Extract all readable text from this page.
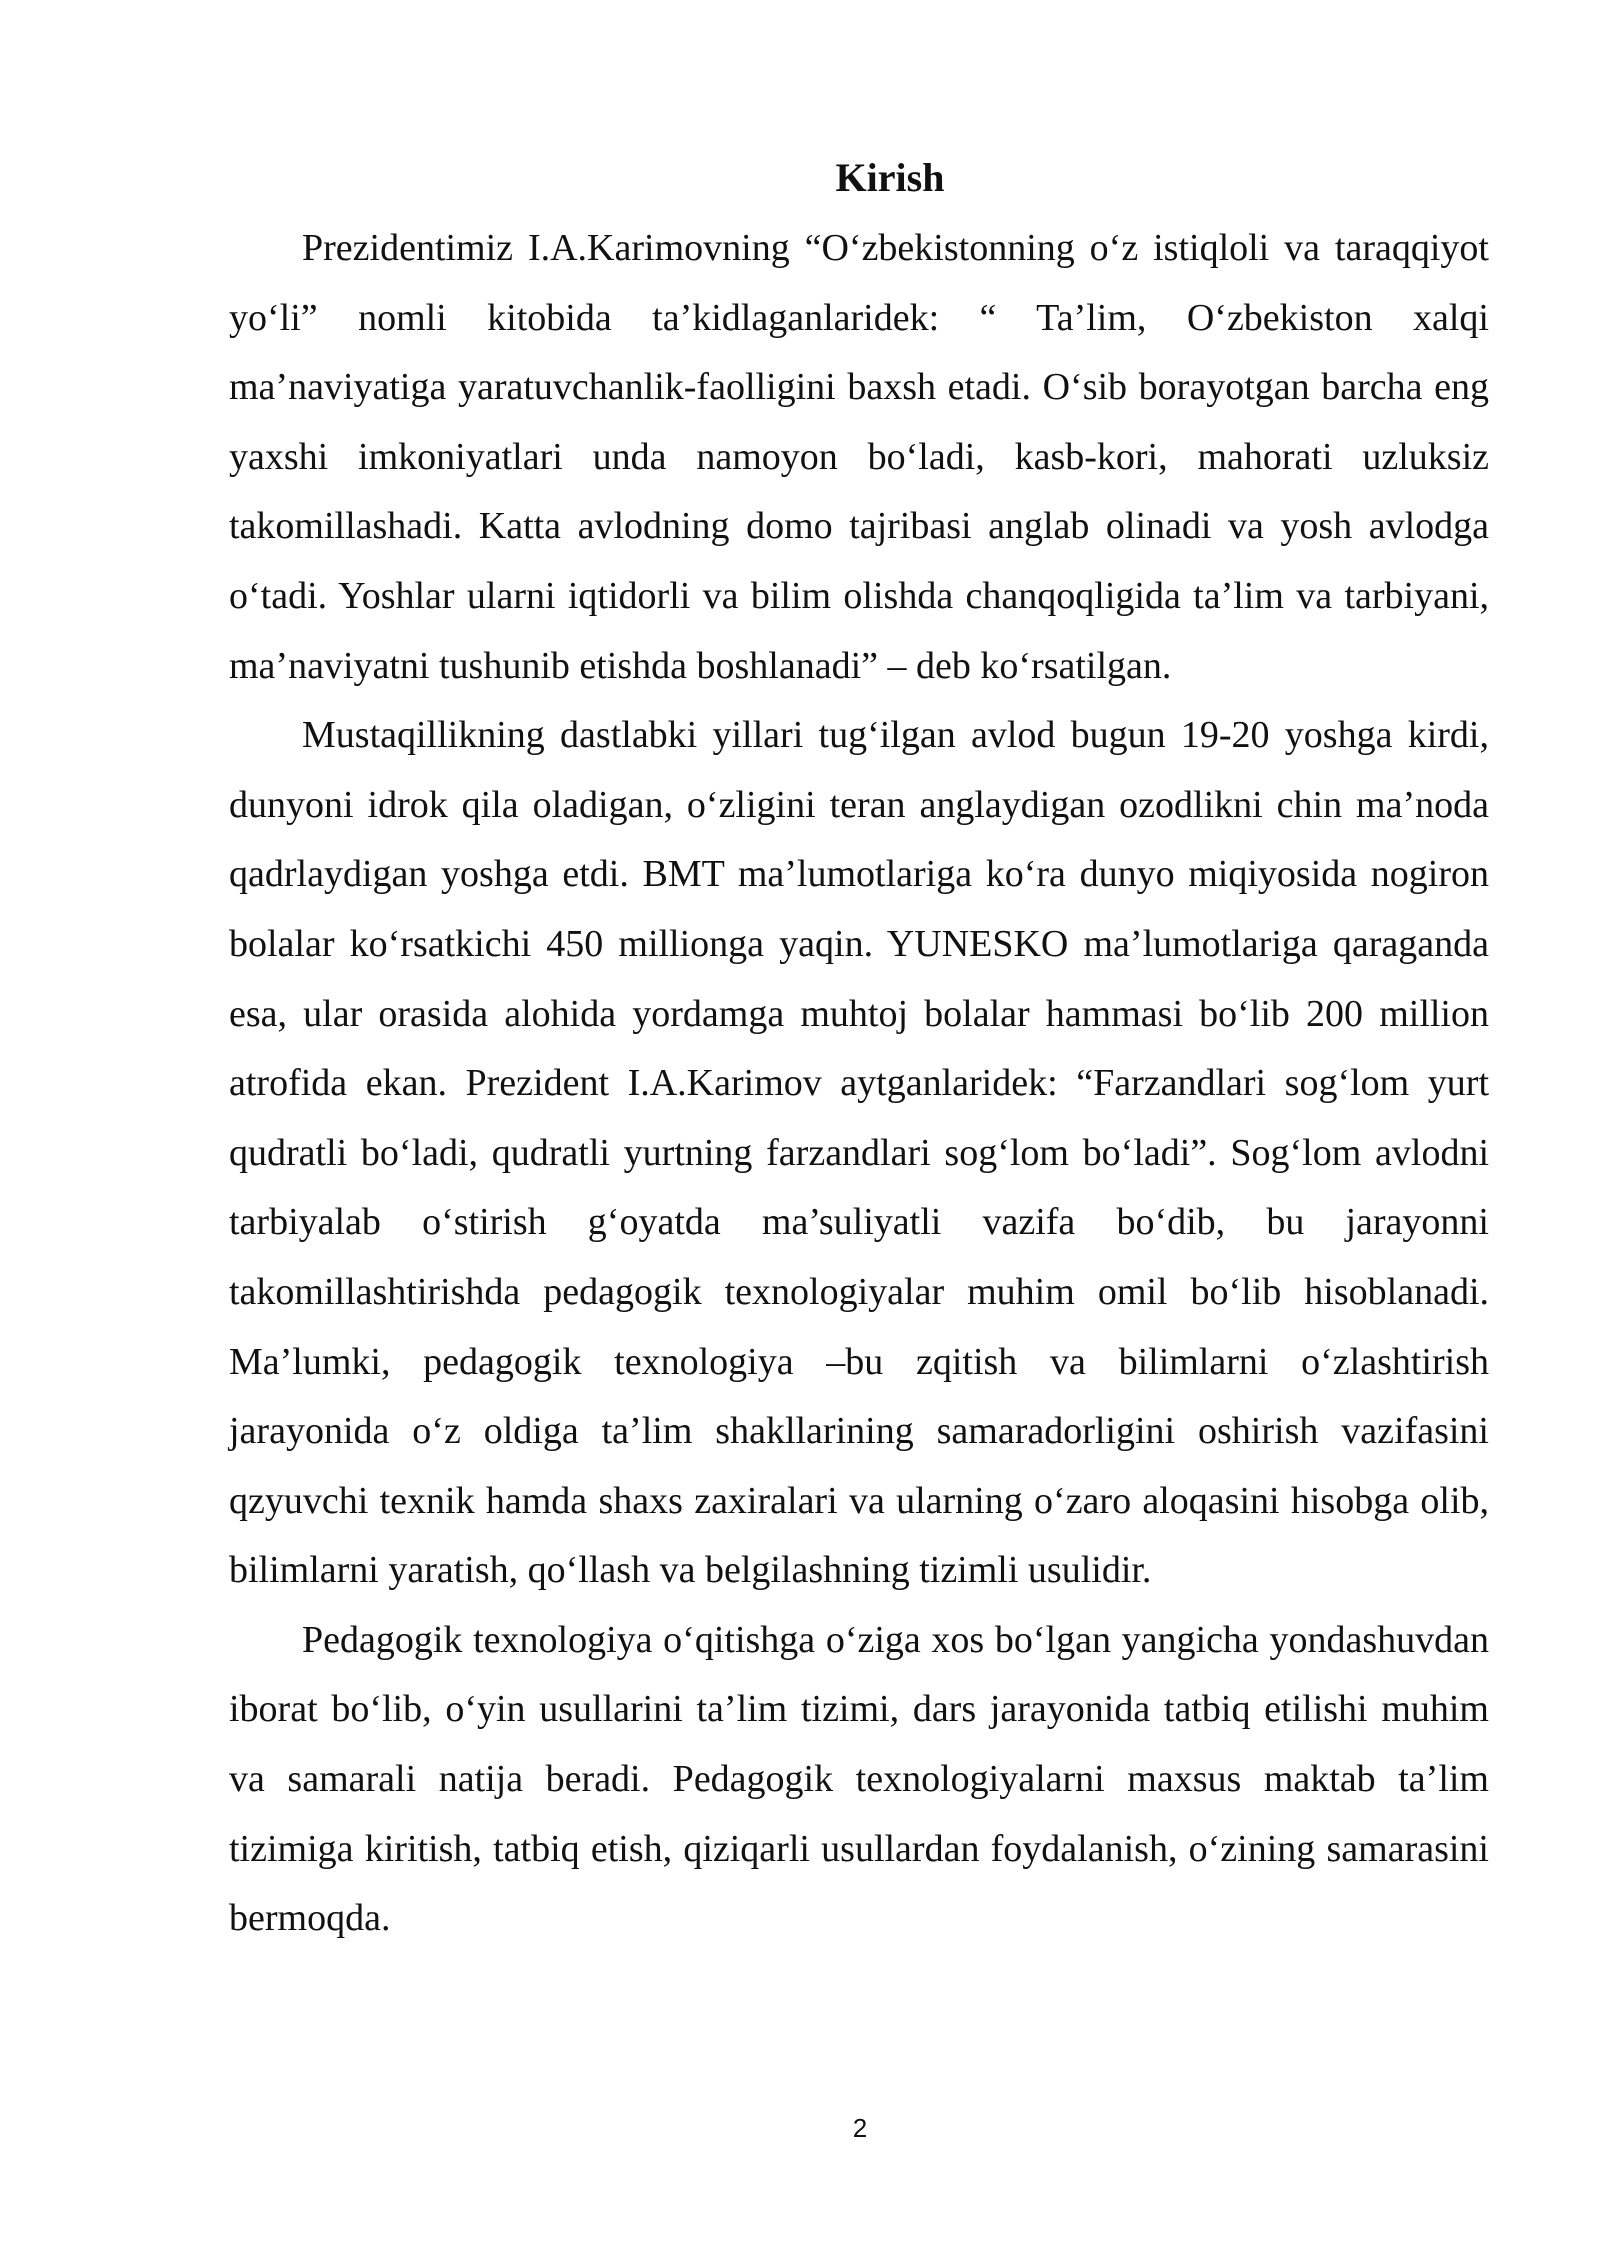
Kirish

Prezidentimiz I.A.Karimovning “O‘zbekistonning o‘z istiqloli va taraqqiyot yo‘li” nomli kitobida ta’kidlaganlaridek: “ Ta’lim, O‘zbekiston xalqi ma’naviyatiga yaratuvchanlik-faolligini baxsh etadi. O‘sib borayotgan barcha eng yaxshi imkoniyatlari unda namoyon bo‘ladi, kasb-kori, mahorati uzluksiz takomillashadi. Katta avlodning domo tajribasi anglab olinadi va yosh avlodga o‘tadi. Yoshlar ularni iqtidorli va bilim olishda chanqoqligida ta’lim va tarbiyani, ma’naviyatni tushunib etishda boshlanadi” – deb ko‘rsatilgan.

Mustaqillikning dastlabki yillari tug‘ilgan avlod bugun 19-20 yoshga kirdi, dunyoni idrok qila oladigan, o‘zligini teran anglaydigan ozodlikni chin ma’noda qadrlaydigan yoshga etdi. BMT ma’lumotlariga ko‘ra dunyo miqiyosida nogiron bolalar ko‘rsatkichi 450 millionga yaqin. YUNESKO ma’lumotlariga qaraganda esa, ular orasida alohida yordamga muhtoj bolalar hammasi bo‘lib 200 million atrofida ekan. Prezident I.A.Karimov aytganlaridek: “Farzandlari sog‘lom yurt qudratli bo‘ladi, qudratli yurtning farzandlari sog‘lom bo‘ladi”. Sog‘lom avlodni tarbiyalab o‘stirish g‘oyatda ma’suliyatli vazifa bo‘dib, bu jarayonni takomillashtirishda pedagogik texnologiyalar muhim omil bo‘lib hisoblanadi. Ma’lumki, pedagogik texnologiya –bu zqitish va bilimlarni o‘zlashtirish jarayonida o‘z oldiga ta’lim shakllarining samaradorligini oshirish vazifasini qzyuvchi texnik hamda shaxs zaxiralari va ularning o‘zaro aloqasini hisobga olib, bilimlarni yaratish, qo‘llash va belgilashning tizimli usulidir.

Pedagogik texnologiya o‘qitishga o‘ziga xos bo‘lgan yangicha yondashuvdan iborat bo‘lib, o‘yin usullarini ta’lim tizimi, dars jarayonida tatbiq etilishi muhim va samarali natija beradi. Pedagogik texnologiyalarni maxsus maktab ta’lim tizimiga kiritish, tatbiq etish, qiziqarli usullardan foydalanish, o‘zining samarasini bermoqda.

2
